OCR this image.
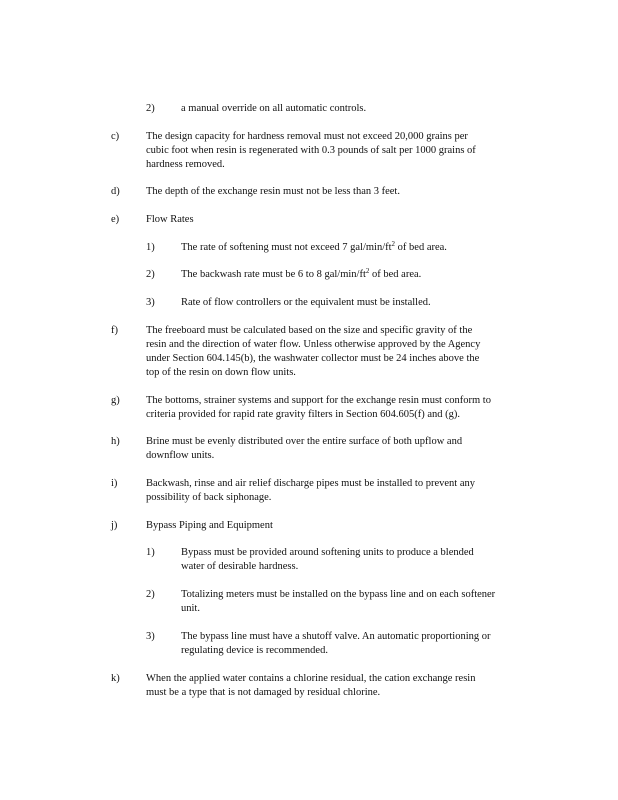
2)	a manual override on all automatic controls.
c)	The design capacity for hardness removal must not exceed 20,000 grains per
cubic foot when resin is regenerated with 0.3 pounds of salt per 1000 grains of
hardness removed.
d)	The depth of the exchange resin must not be less than 3 feet.
e)	Flow Rates
1)	The rate of softening must not exceed 7 gal/$\min/ft^2$ of bed area.
2)	The backwash rate must be 6 to 8 gal/$\min/ft^2$ of bed area.
3)	Rate of flow controllers or the equivalent must be installed.
f)	The freeboard must be calculated based on the size and specific gravity of the
resin and the direction of water flow. Unless otherwise approved by the Agency
under Section 604.145(b), the washwater collector must be 24 inches above the
top of the resin on down flow units.
g)	The bottoms, strainer systems and support for the exchange resin must conform to
criteria provided for rapid rate gravity filters in Section 604.605(f) and (g).
h)	Brine must be evenly distributed over the entire surface of both upflow and
downflow units.
i)	Backwash, rinse and air relief discharge pipes must be installed to prevent any
possibility of back siphonage.
j)	Bypass Piping and Equipment
1)	Bypass must be provided around softening units to produce a blended
water of desirable hardness.
2)	Totalizing meters must be installed on the bypass line and on each softener
unit.
3)	The bypass line must have a shutoff valve. An automatic proportioning or
regulating device is recommended.
k)	When the applied water contains a chlorine residual, the cation exchange resin
must be a type that is not damaged by residual chlorine.
